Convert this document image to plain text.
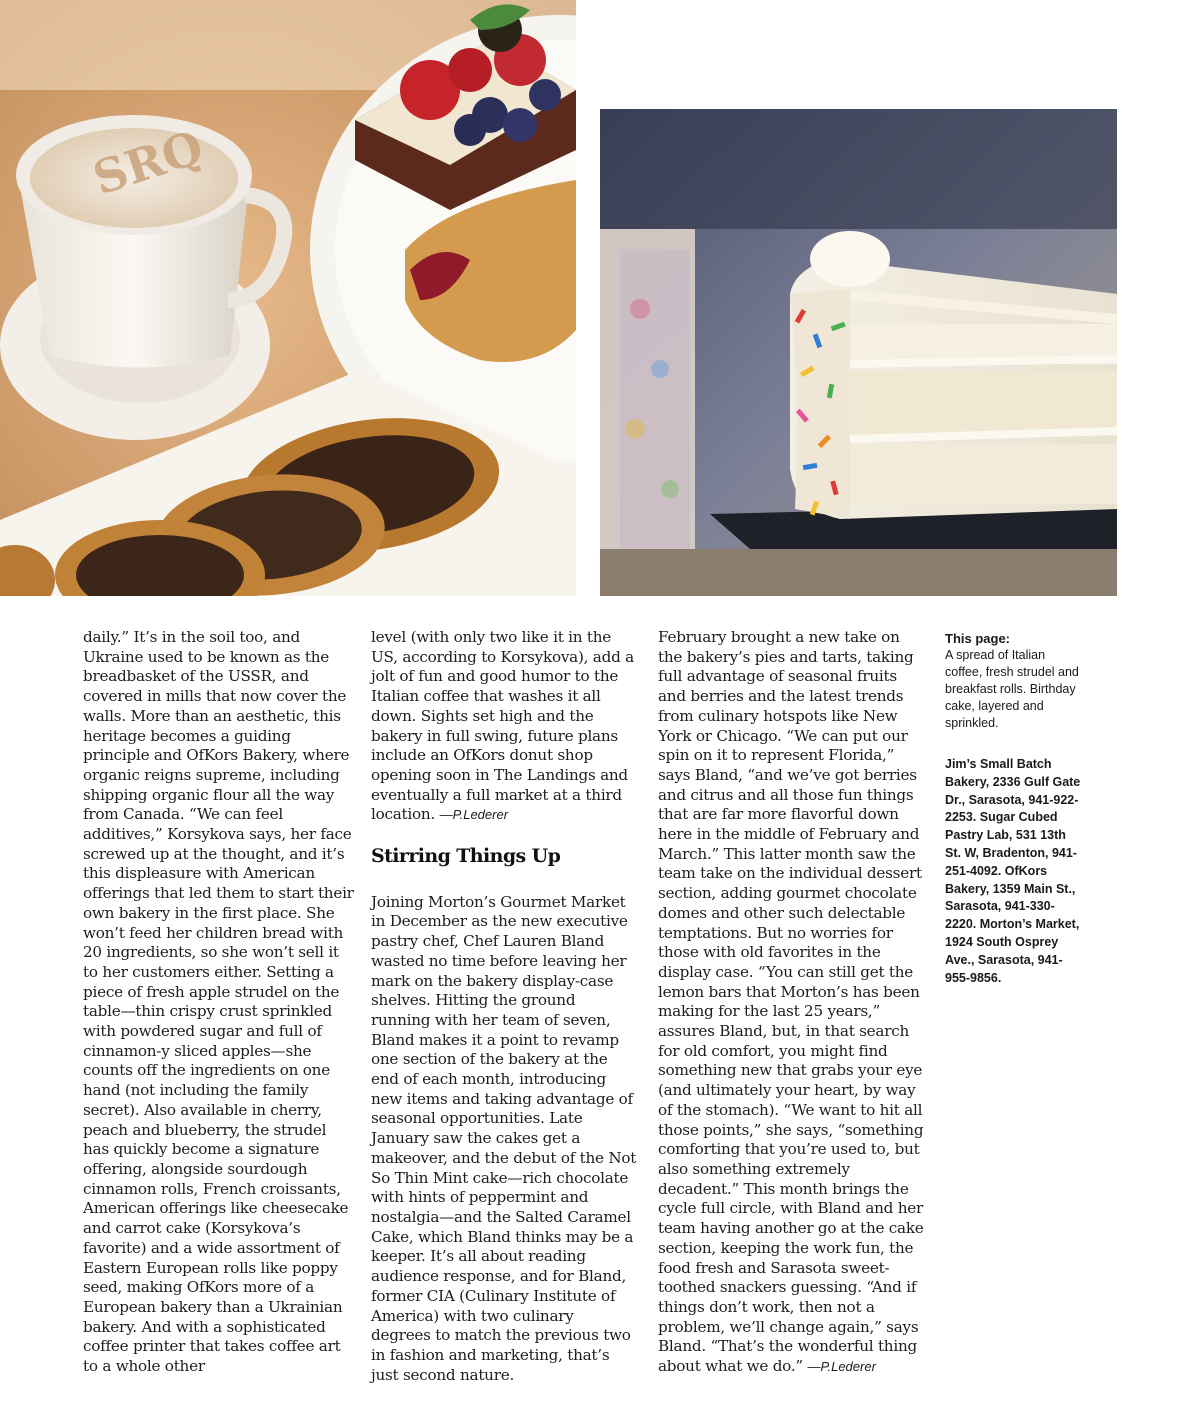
SRQ

daily.” It’s in the soil too, and Ukraine used to be known as the breadbasket of the USSR, and covered in mills that now cover the walls. More than an aesthetic, this heritage becomes a guiding principle and OfKors Bakery, where organic reigns supreme, including shipping organic flour all the way from Canada. “We can feel additives,” Korsykova says, her face screwed up at the thought, and it’s this displeasure with American offerings that led them to start their own bakery in the first place. She won’t feed her children bread with 20 ingredients, so she won’t sell it to her customers either. Setting a piece of fresh apple strudel on the table—thin crispy crust sprinkled with powdered sugar and full of cinnamon-y sliced apples—she counts off the ingredients on one hand (not including the family secret). Also available in cherry, peach and blueberry, the strudel has quickly become a signature offering, alongside sourdough cinnamon rolls, French croissants, American offerings like cheesecake and carrot cake (Korsykova’s favorite) and a wide assortment of Eastern European rolls like poppy seed, making OfKors more of a European bakery than a Ukrainian bakery. And with a sophisticated coffee printer that takes coffee art to a whole other

level (with only two like it in the US, according to Korsykova), add a jolt of fun and good humor to the Italian coffee that washes it all down. Sights set high and the bakery in full swing, future plans include an OfKors donut shop opening soon in The Landings and eventually a full market at a third location. —P.Lederer

Stirring Things Up

Joining Morton’s Gourmet Market in December as the new executive pastry chef, Chef Lauren Bland wasted no time before leaving her mark on the bakery display-case shelves. Hitting the ground running with her team of seven, Bland makes it a point to revamp one section of the bakery at the end of each month, introducing new items and taking advantage of seasonal opportunities. Late January saw the cakes get a makeover, and the debut of the Not So Thin Mint cake—rich chocolate with hints of peppermint and nostalgia—and the Salted Caramel Cake, which Bland thinks may be a keeper. It’s all about reading audience response, and for Bland, former CIA (Culinary Institute of America) with two culinary degrees to match the previous two in fashion and marketing, that’s just second nature.

February brought a new take on the bakery’s pies and tarts, taking full advantage of seasonal fruits and berries and the latest trends from culinary hotspots like New York or Chicago. “We can put our spin on it to represent Florida,” says Bland, “and we’ve got berries and citrus and all those fun things that are far more flavorful down here in the middle of February and March.” This latter month saw the team take on the individual dessert section, adding gourmet chocolate domes and other such delectable temptations. But no worries for those with old favorites in the display case. “You can still get the lemon bars that Morton’s has been making for the last 25 years,” assures Bland, but, in that search for old comfort, you might find something new that grabs your eye (and ultimately your heart, by way of the stomach). “We want to hit all those points,” she says, “something comforting that you’re used to, but also something extremely decadent.” This month brings the cycle full circle, with Bland and her team having another go at the cake section, keeping the work fun, the food fresh and Sarasota sweet-toothed snackers guessing. “And if things don’t work, then not a problem, we’ll change again,” says Bland. “That’s the wonderful thing about what we do.” —P.Lederer

This page:

A spread of Italian coffee, fresh strudel and breakfast rolls. Birthday cake, layered and sprinkled.

Jim’s Small Batch Bakery, 2336 Gulf Gate Dr., Sarasota, 941-922-2253. Sugar Cubed Pastry Lab, 531 13th St. W, Bradenton, 941-251-4092. OfKors Bakery, 1359 Main St., Sarasota, 941-330-2220. Morton’s Market, 1924 South Osprey Ave., Sarasota, 941-955-9856.
